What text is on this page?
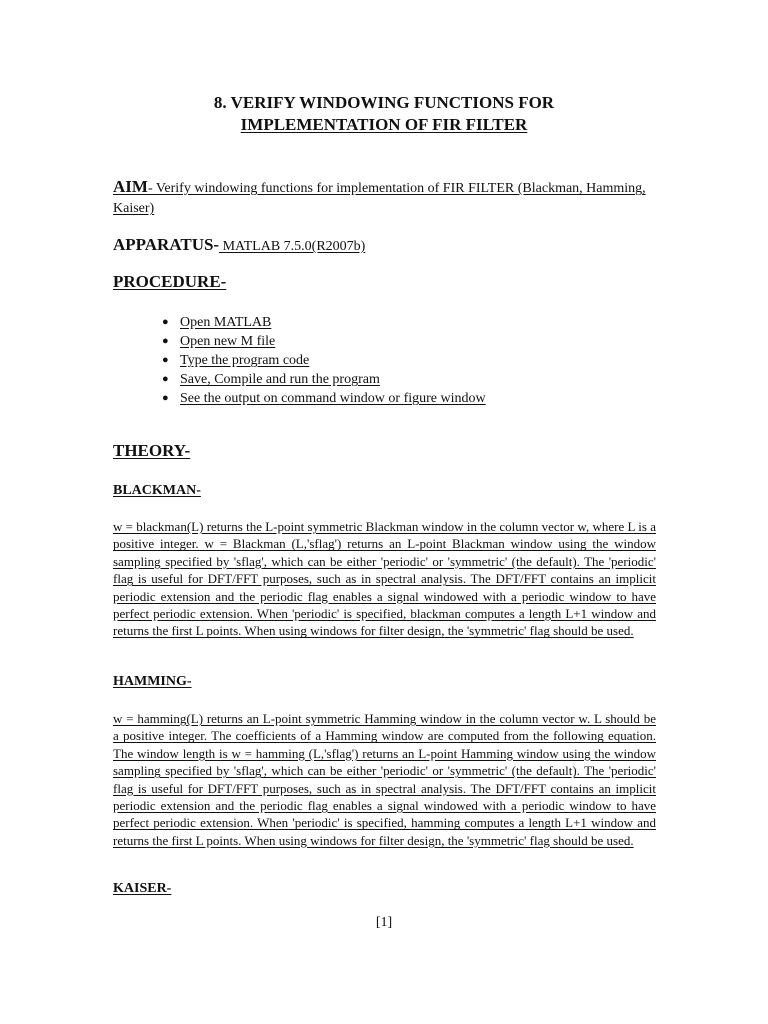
8. VERIFY WINDOWING FUNCTIONS FOR
IMPLEMENTATION OF FIR FILTER
AIM- Verify windowing functions for implementation of FIR FILTER (Blackman, Hamming, Kaiser)
APPARATUS- MATLAB 7.5.0(R2007b)
PROCEDURE-
● Open MATLAB
● Open new M file
● Type the program code
● Save, Compile and run the program
● See the output on command window or figure window
THEORY-
BLACKMAN-
w = blackman(L) returns the L-point symmetric Blackman window in the column vector w, where L is a positive integer. w = Blackman (L,'sflag') returns an L-point Blackman window using the window sampling specified by 'sflag', which can be either 'periodic' or 'symmetric' (the default). The 'periodic' flag is useful for DFT/FFT purposes, such as in spectral analysis. The DFT/FFT contains an implicit periodic extension and the periodic flag enables a signal windowed with a periodic window to have perfect periodic extension. When 'periodic' is specified, blackman computes a length L+1 window and returns the first L points. When using windows for filter design, the 'symmetric' flag should be used.
HAMMING-
w = hamming(L) returns an L-point symmetric Hamming window in the column vector w. L should be a positive integer. The coefficients of a Hamming window are computed from the following equation. The window length is w = hamming (L,'sflag') returns an L-point Hamming window using the window sampling specified by 'sflag', which can be either 'periodic' or 'symmetric' (the default). The 'periodic' flag is useful for DFT/FFT purposes, such as in spectral analysis. The DFT/FFT contains an implicit periodic extension and the periodic flag enables a signal windowed with a periodic window to have perfect periodic extension. When 'periodic' is specified, hamming computes a length L+1 window and returns the first L points. When using windows for filter design, the 'symmetric' flag should be used.
KAISER-
[1]
